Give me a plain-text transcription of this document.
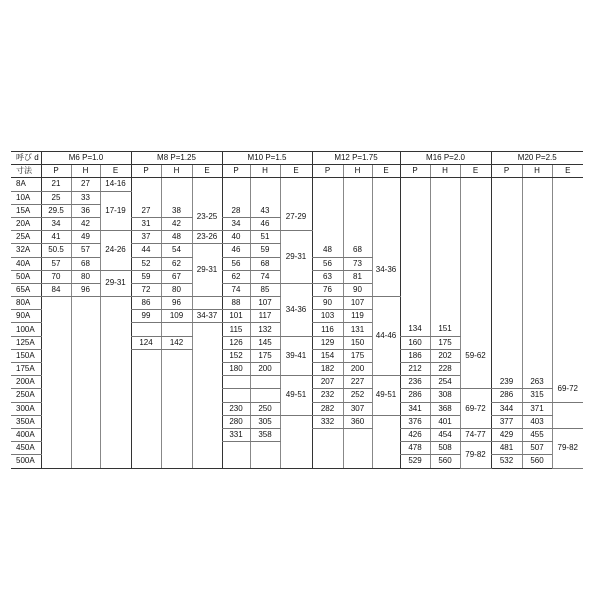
呼び d	M6 P=1.0			M8 P=1.25			M10 P=1.5			M12 P=1.75			M16 P=2.0			M20 P=2.5		
寸法	P	H	E	P	H	E	P	H	E	P	H	E	P	H	E	P	H	E
8A	21	27	14-16															
10A	25	33	17-19															
15A	29.5	36		27	38	23-25	28	43	27-29									
20A	34	42		31	42		34	46										
25A	41	49	24-26	37	48	23-26	40	51	29-31									
32A	50.5	57		44	54	29-31	46	59		48	68	34-36						
40A	57	68		52	62		56	68		56	73							
50A	70	80	29-31	59	67		62	74		63	81							
65A	84	96		72	80		74	85	34-36	76	90							
80A				86	96		88	107		90	107	44-46						
90A				99	109	34-37	101	117		103	119							
100A							115	132		116	131		134	151	59-62			
125A				124	142		126	145	39-41	129	150		160	175				
150A							152	175		154	175		186	202				
175A							180	200		182	200		212	228				
200A									49-51	207	227	49-51	236	254		239	263	69-72
250A										232	252		286	308	69-72	286	315	
300A							230	250		282	307		341	368		344	371	
350A							280	305		332	360		376	401		377	403	
400A							331	358					426	454	74-77	429	455	79-82
450A													478	508	79-82	481	507	
500A													529	560		532	560	
